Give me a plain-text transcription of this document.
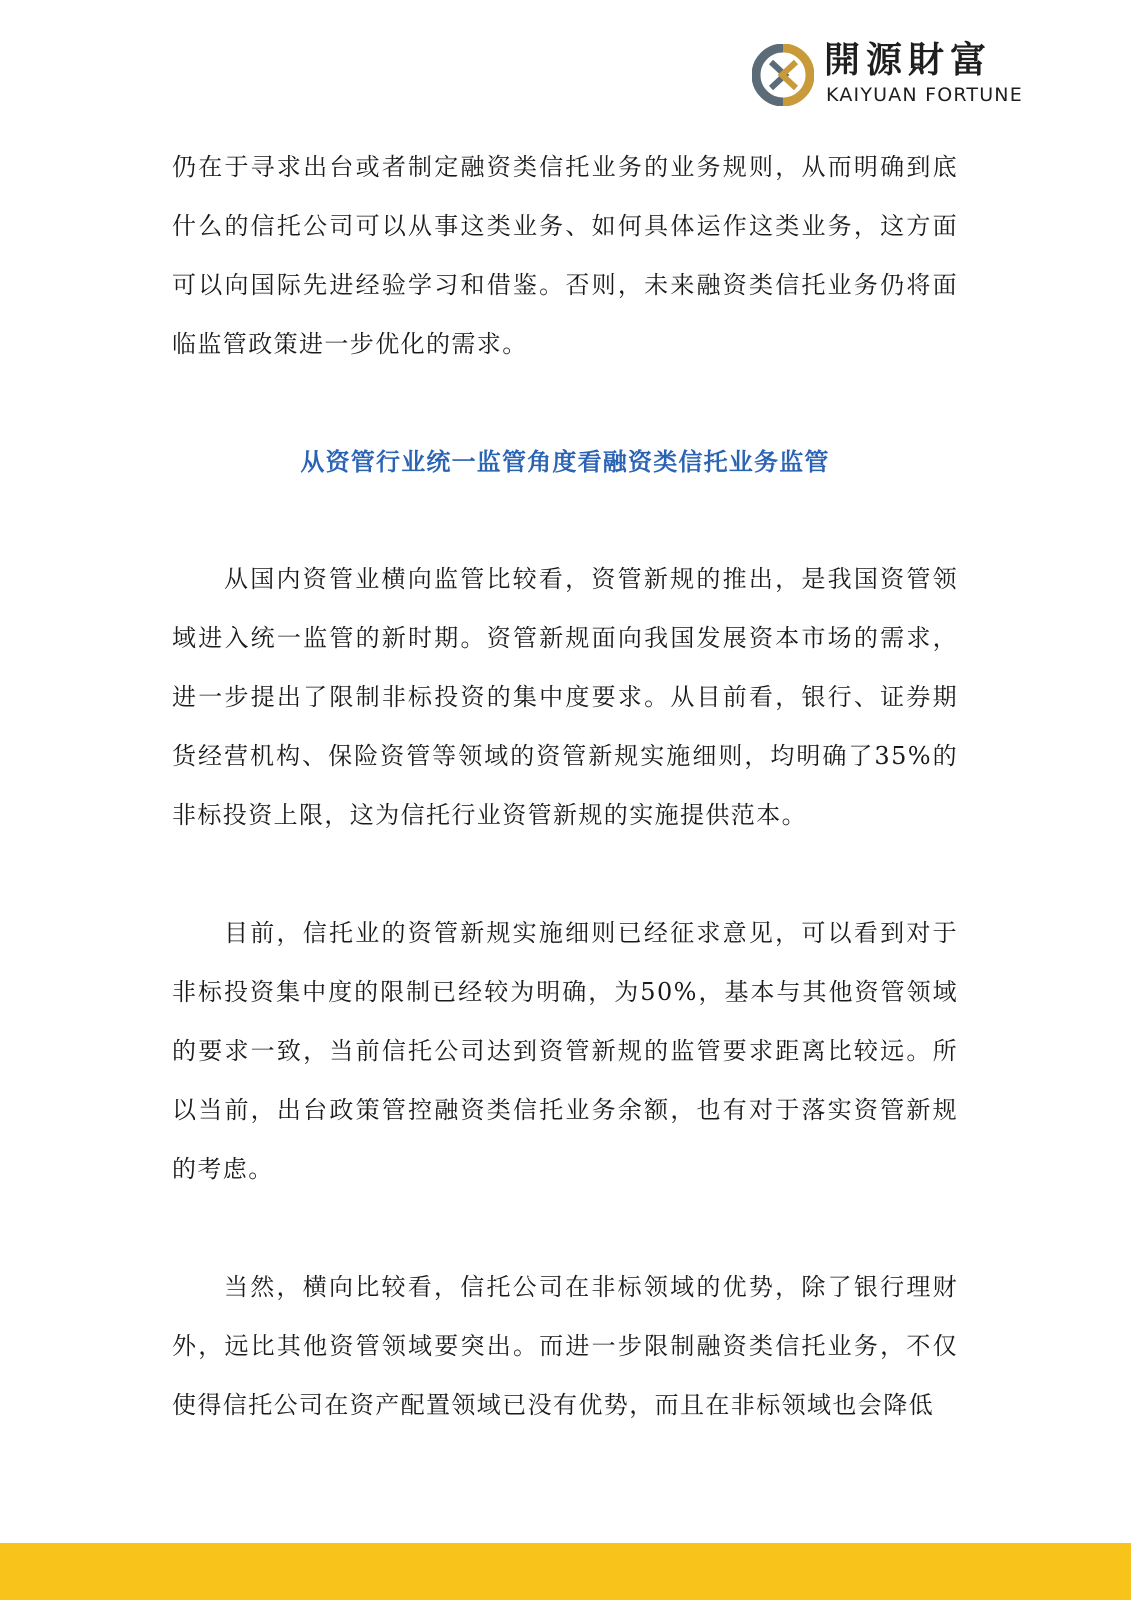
開源財富
KAIYUAN FORTUNE

仍在于寻求出台或者制定融资类信托业务的业务规则，从而明确到底什么的信托公司可以从事这类业务、如何具体运作这类业务，这方面可以向国际先进经验学习和借鉴。否则，未来融资类信托业务仍将面临监管政策进一步优化的需求。

从资管行业统一监管角度看融资类信托业务监管

从国内资管业横向监管比较看，资管新规的推出，是我国资管领域进入统一监管的新时期。资管新规面向我国发展资本市场的需求，进一步提出了限制非标投资的集中度要求。从目前看，银行、证券期货经营机构、保险资管等领域的资管新规实施细则，均明确了35%的非标投资上限，这为信托行业资管新规的实施提供范本。

目前，信托业的资管新规实施细则已经征求意见，可以看到对于非标投资集中度的限制已经较为明确，为50%，基本与其他资管领域的要求一致，当前信托公司达到资管新规的监管要求距离比较远。所以当前，出台政策管控融资类信托业务余额，也有对于落实资管新规的考虑。

当然，横向比较看，信托公司在非标领域的优势，除了银行理财外，远比其他资管领域要突出。而进一步限制融资类信托业务，不仅使得信托公司在资产配置领域已没有优势，而且在非标领域也会降低
